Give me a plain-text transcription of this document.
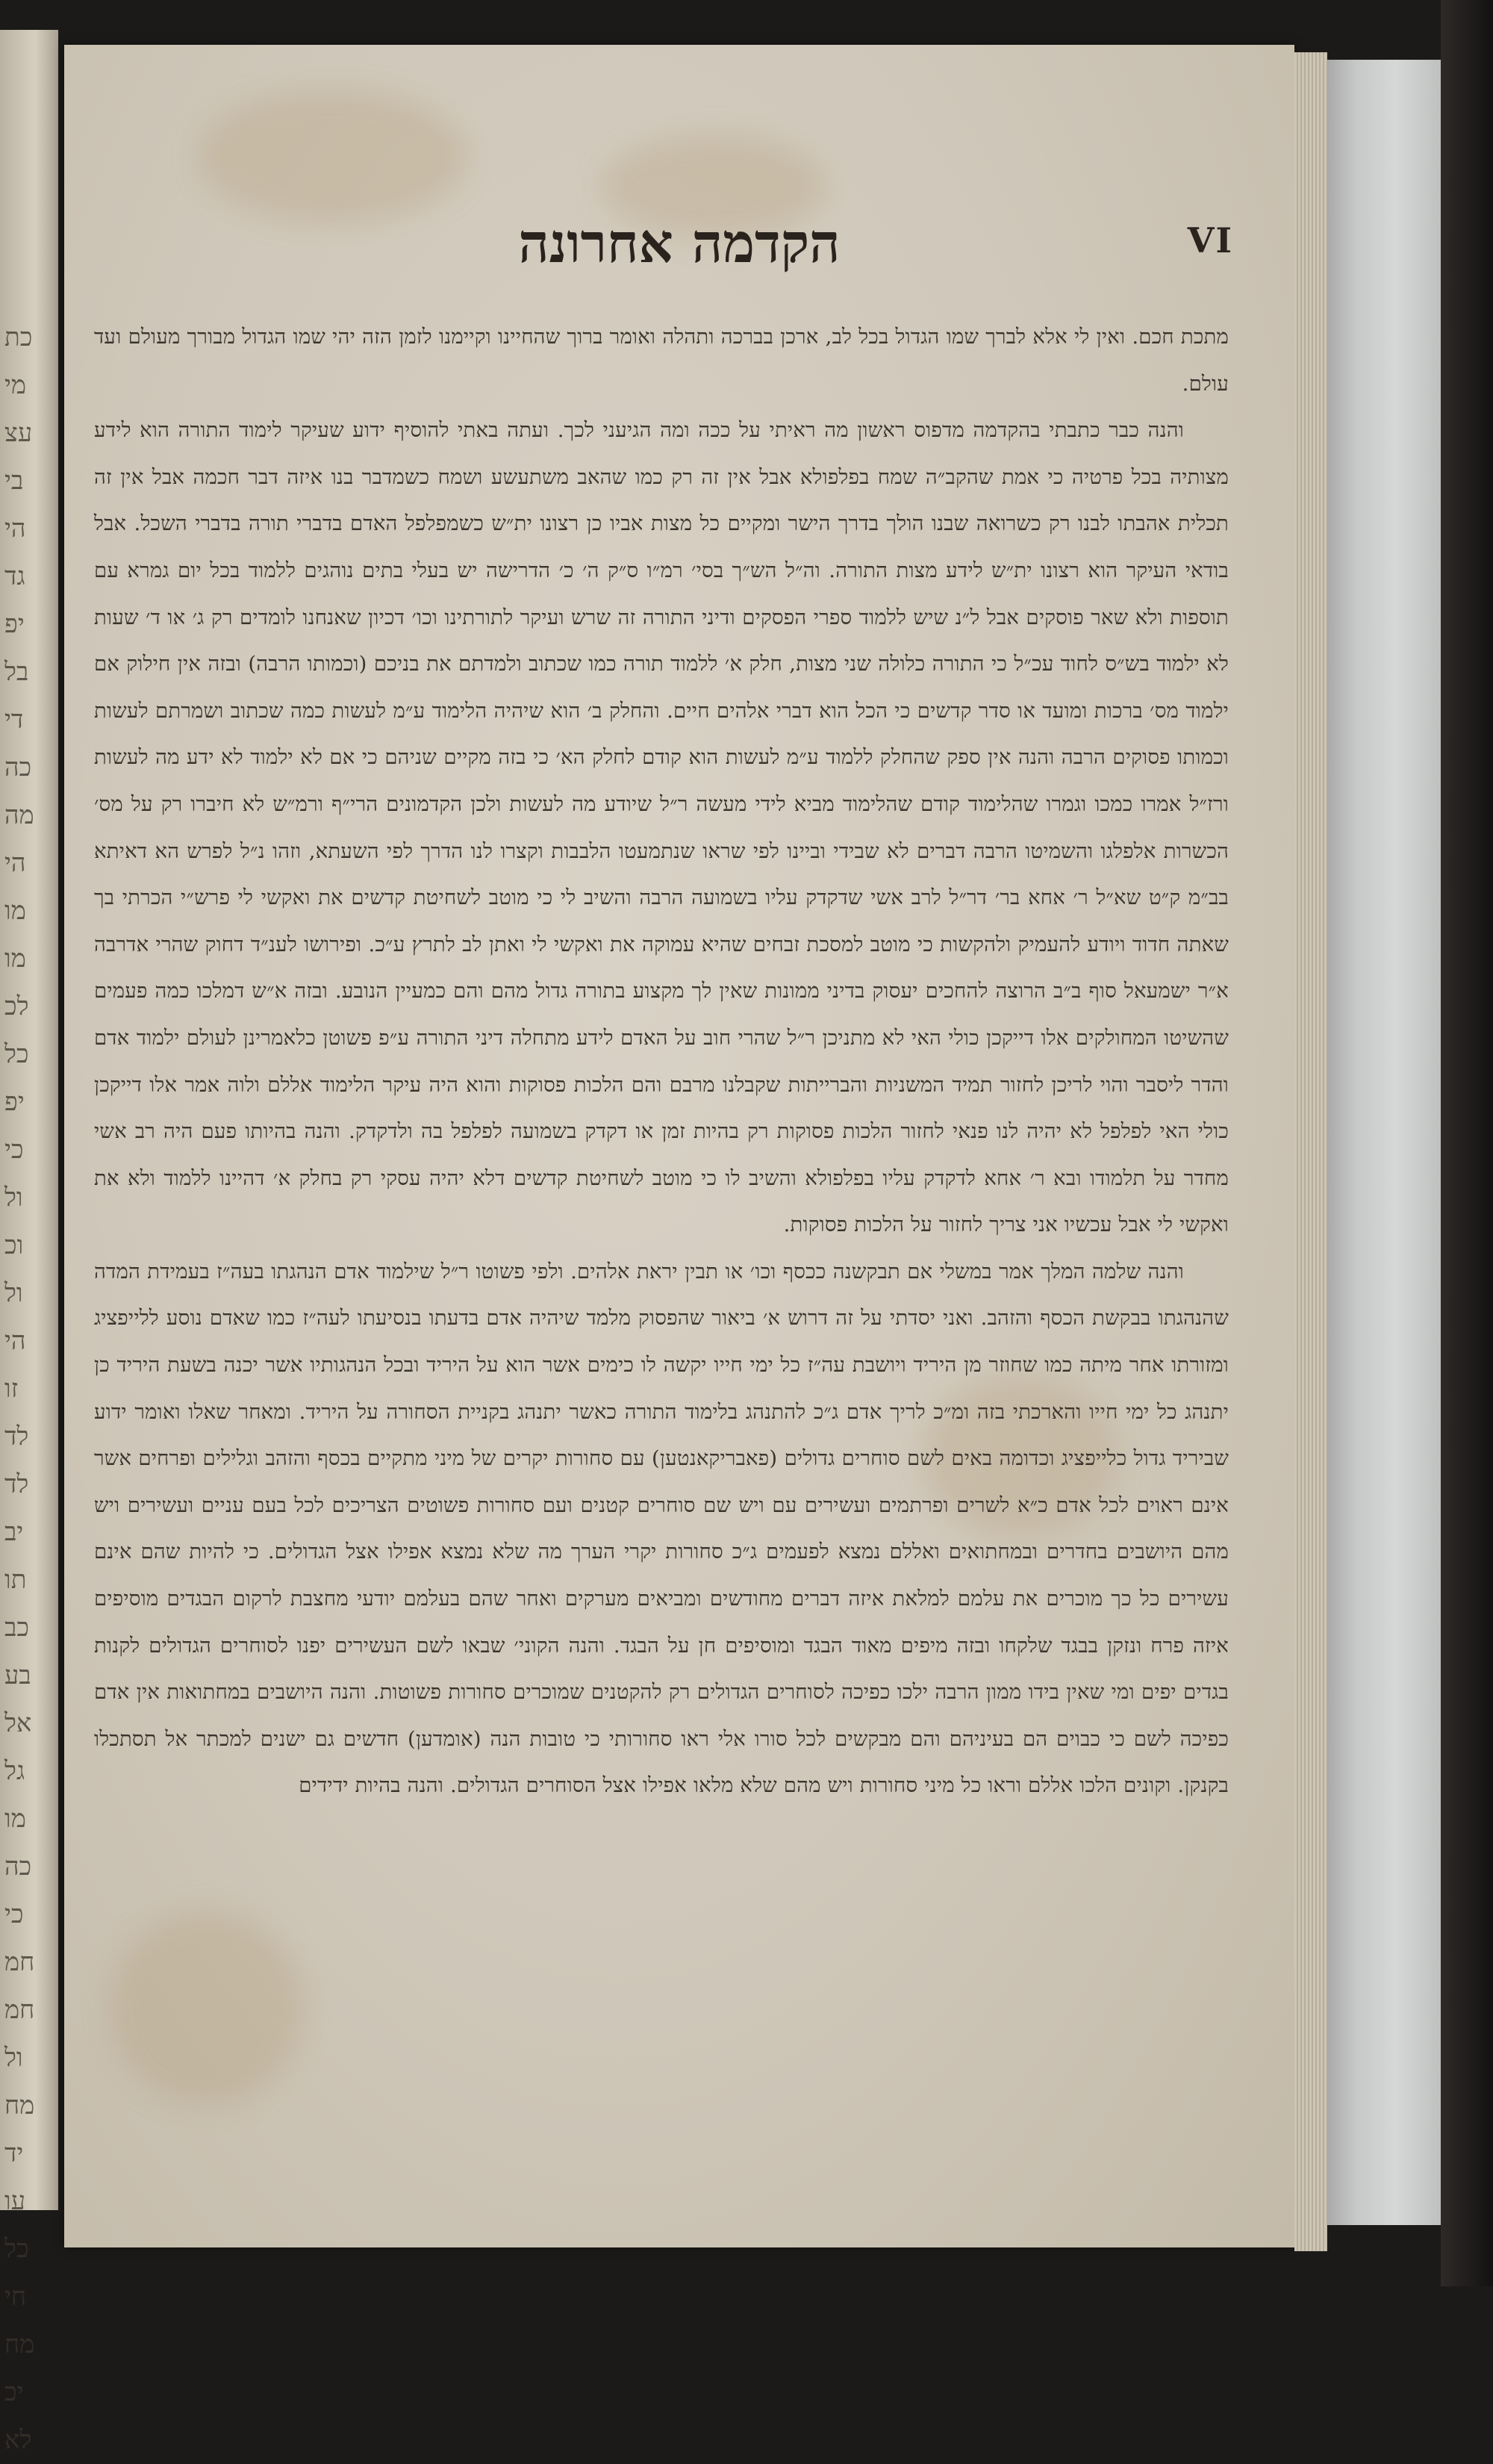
כת
מי
עצ
בי
הי
גד
יפ
בל
די
כה
מה
הי
מו
מו
לכ
כל
יפ
כי
ול
וכ
ול
הי
זו
לד
לד
יב
תו
כב
בע
אל
גל
מו
כה
כי
חמ
חמ
ול
מח
יד
עו
כל
חי
מח
יכ
לא
הקדמה אחרונה	VI

מתכת חכם. ואין לי אלא לברך שמו הגדול בכל לב, ארכן בברכה ותהלה ואומר ברוך שהחיינו וקיימנו לזמן הזה יהי שמו הגדול מבורך מעולם ועד עולם.

והנה כבר כתבתי בהקדמה מדפוס ראשון מה ראיתי על ככה ומה הגיעני לכך. ועתה באתי להוסיף ידוע שעיקר לימוד התורה הוא לידע מצותיה בכל פרטיה כי אמת שהקב״ה שמח בפלפולא אבל אין זה רק כמו שהאב משתעשע ושמח כשמדבר בנו איזה דבר חכמה אבל אין זה תכלית אהבתו לבנו רק כשרואה שבנו הולך בדרך הישר ומקיים כל מצות אביו כן רצונו ית״ש כשמפלפל האדם בדברי תורה בדברי השכל. אבל בודאי העיקר הוא רצונו ית״ש לידע מצות התורה. וה״ל הש״ך בסי׳ רמ״ו ס״ק ה׳ כ׳ הדרישה יש בעלי בתים נוהגים ללמוד בכל יום גמרא עם תוספות ולא שאר פוסקים אבל ל״נ שיש ללמוד ספרי הפסקים ודיני התורה זה שרש ועיקר לתורתינו וכו׳ דכיון שאנחנו לומדים רק ג׳ או ד׳ שעות לא ילמוד בש״ס לחוד עכ״ל כי התורה כלולה שני מצות, חלק א׳ ללמוד תורה כמו שכתוב ולמדתם את בניכם (וכמותו הרבה) ובזה אין חילוק אם ילמוד מס׳ ברכות ומועד או סדר קדשים כי הכל הוא דברי אלהים חיים. והחלק ב׳ הוא שיהיה הלימוד ע״מ לעשות כמה שכתוב ושמרתם לעשות וכמותו פסוקים הרבה והנה אין ספק שהחלק ללמוד ע״מ לעשות הוא קודם לחלק הא׳ כי בזה מקיים שניהם כי אם לא ילמוד לא ידע מה לעשות ורז״ל אמרו כמכו וגמרו שהלימוד קודם שהלימוד מביא לידי מעשה ר״ל שיודע מה לעשות ולכן הקדמונים הרי״ף ורמ״ש לא חיברו רק על מס׳ הכשרות אלפלגו והשמיטו הרבה דברים לא שבידי וביינו לפי שראו שנתמעטו הלבבות וקצרו לנו הדרך לפי השעתא, וזהו נ״ל לפרש הא דאיתא בב״מ ק״ט שא״ל ר׳ אחא בר׳ דר״ל לרב אשי שדקדק עליו בשמועה הרבה והשיב לי כי מוטב לשחיטת קדשים את ואקשי לי פרש״י הכרתי בך שאתה חדוד ויודע להעמיק ולהקשות כי מוטב למסכת זבחים שהיא עמוקה את ואקשי לי ואתן לב לתרץ ע״כ. ופירושו לענ״ד דחוק שהרי אדרבה א״ר ישמעאל סוף ב״ב הרוצה להחכים יעסוק בדיני ממונות שאין לך מקצוע בתורה גדול מהם והם כמעיין הנובע. ובזה א״ש דמלכו כמה פעמים שהשיטו המחולקים אלו דייקכן כולי האי לא מתניכן ר״ל שהרי חוב על האדם לידע מתחלה דיני התורה ע״פ פשוטן כלאמרינן לעולם ילמוד אדם והדר ליסבר והוי לריכן לחזור תמיד המשניות והברייתות שקבלנו מרבם והם הלכות פסוקות והוא היה עיקר הלימוד אללם ולוה אמר אלו דייקכן כולי האי לפלפל לא יהיה לנו פנאי לחזור הלכות פסוקות רק בהיות זמן או דקדק בשמועה לפלפל בה ולדקדק. והנה בהיותו פעם היה רב אשי מחדר על תלמודו ובא ר׳ אחא לדקדק עליו בפלפולא והשיב לו כי מוטב לשחיטת קדשים דלא יהיה עסקי רק בחלק א׳ דהיינו ללמוד ולא את ואקשי לי אבל עכשיו אני צריך לחזור על הלכות פסוקות.

והנה שלמה המלך אמר במשלי אם תבקשנה ככסף וכו׳ או תבין יראת אלהים. ולפי פשוטו ר״ל שילמוד אדם הנהגתו בעה״ז בעמידת המדה שהנהגתו בבקשת הכסף והזהב. ואני יסדתי על זה דרוש א׳ ביאור שהפסוק מלמד שיהיה אדם בדעתו בנסיעתו לעה״ז כמו שאדם נוסע ללייפציג ומזורתו אחר מיתה כמו שחוזר מן היריד ויושבת עה״ז כל ימי חייו יקשה לו כימים אשר הוא על היריד ובכל הנהגותיו אשר יכנה בשעת היריד כן יתנהג כל ימי חייו והארכתי בזה ומ״כ לריך אדם ג״כ להתנהג בלימוד התורה כאשר יתנהג בקניית הסחורה על היריד. ומאחר שאלו ואומר ידוע שביריד גדול כלייפציג וכדומה באים לשם סוחרים גדולים (פאבריקאנטען) עם סחורות יקרים של מיני מתקיים בכסף והזהב וגלילים ופרחים אשר אינם ראוים לכל אדם כ״א לשרים ופרתמים ועשירים עם ויש שם סוחרים קטנים ועם סחורות פשוטים הצריכים לכל בעם עניים ועשירים ויש מהם היושבים בחדרים ובמחתואים ואללם נמצא לפעמים ג״כ סחורות יקרי הערך מה שלא נמצא אפילו אצל הגדולים. כי להיות שהם אינם עשירים כל כך מוכרים את עלמם למלאת איזה דברים מחודשים ומביאים מערקים ואחר שהם בעלמם יודעי מחצבת לרקום הבגדים מוסיפים איזה פרח ונזקן בבגד שלקחו ובזה מיפים מאוד הבגד ומוסיפים חן על הבגד. והנה הקוני׳ שבאו לשם העשירים יפנו לסוחרים הגדולים לקנות בגדים יפים ומי שאין בידו ממון הרבה ילכו כפיכה לסוחרים הגדולים רק להקטנים שמוכרים סחורות פשוטות. והנה היושבים במחתואות אין אדם כפיכה לשם כי כבוים הם בעיניהם והם מבקשים לכל סורו אלי ראו סחורותי כי טובות הנה (אומדען) חדשים גם ישנים למכתר אל תסתכלו בקנקן. וקונים הלכו אללם וראו כל מיני סחורות ויש מהם שלא מלאו אפילו אצל הסוחרים הגדולים. והנה בהיות ידידים
